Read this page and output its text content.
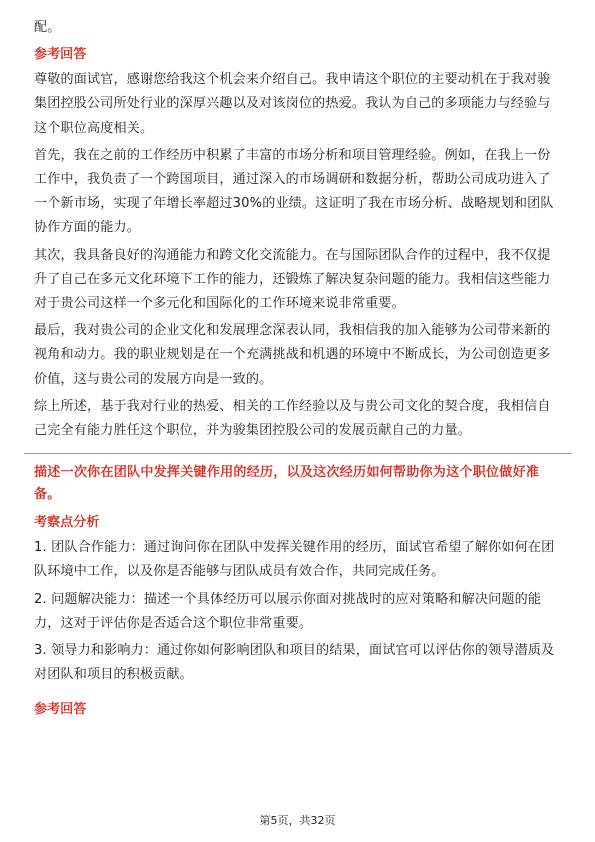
配。

参考回答

尊敬的面试官，感谢您给我这个机会来介绍自己。我申请这个职位的主要动机在于我对骏集团控股公司所处行业的深厚兴趣以及对该岗位的热爱。我认为自己的多项能力与经验与这个职位高度相关。

首先，我在之前的工作经历中积累了丰富的市场分析和项目管理经验。例如，在我上一份工作中，我负责了一个跨国项目，通过深入的市场调研和数据分析，帮助公司成功进入了一个新市场，实现了年增长率超过30%的业绩。这证明了我在市场分析、战略规划和团队协作方面的能力。

其次，我具备良好的沟通能力和跨文化交流能力。在与国际团队合作的过程中，我不仅提升了自己在多元文化环境下工作的能力，还锻炼了解决复杂问题的能力。我相信这些能力对于贵公司这样一个多元化和国际化的工作环境来说非常重要。

最后，我对贵公司的企业文化和发展理念深表认同，我相信我的加入能够为公司带来新的视角和动力。我的职业规划是在一个充满挑战和机遇的环境中不断成长，为公司创造更多价值，这与贵公司的发展方向是一致的。

综上所述，基于我对行业的热爱、相关的工作经验以及与贵公司文化的契合度，我相信自己完全有能力胜任这个职位，并为骏集团控股公司的发展贡献自己的力量。

描述一次你在团队中发挥关键作用的经历，以及这次经历如何帮助你为这个职位做好准备。

考察点分析

1. 团队合作能力：通过询问你在团队中发挥关键作用的经历，面试官希望了解你如何在团队环境中工作，以及你是否能够与团队成员有效合作，共同完成任务。

2. 问题解决能力：描述一个具体经历可以展示你面对挑战时的应对策略和解决问题的能力，这对于评估你是否适合这个职位非常重要。

3. 领导力和影响力：通过你如何影响团队和项目的结果，面试官可以评估你的领导潜质及对团队和项目的积极贡献。

参考回答

第5页，共32页
